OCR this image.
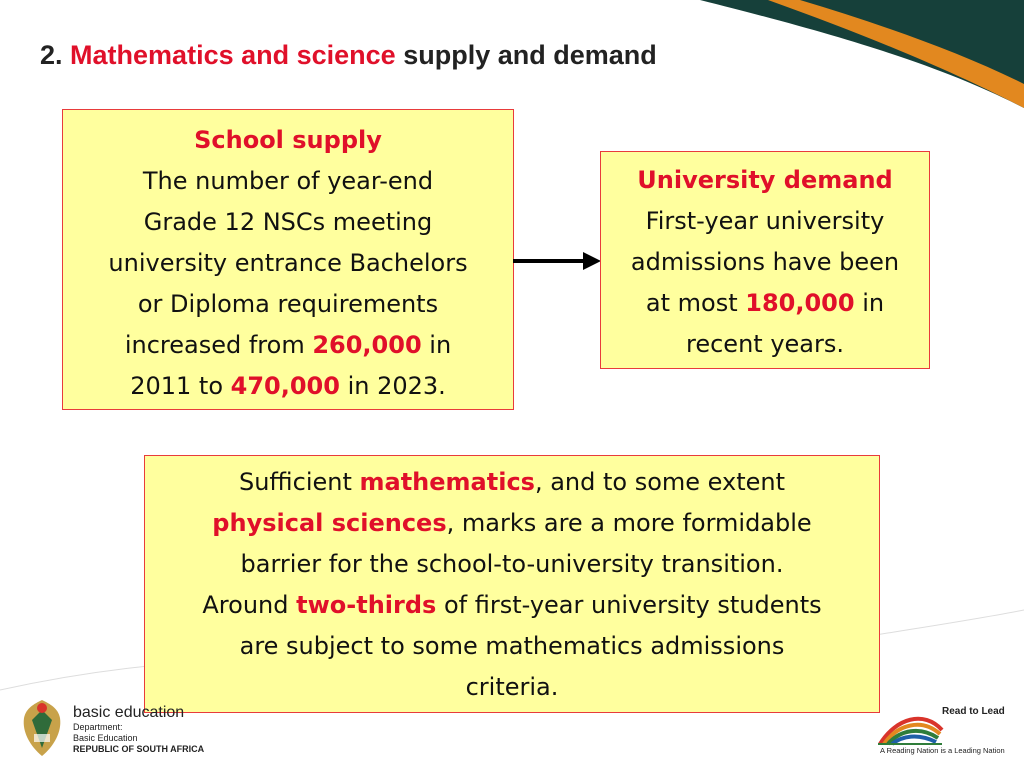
2. Mathematics and science supply and demand
School supply
The number of year-end
Grade 12 NSCs meeting
university entrance Bachelors
or Diploma requirements
increased from 260,000 in
2011 to 470,000 in 2023.
University demand
First-year university
admissions have been
at most 180,000 in
recent years.
Sufficient mathematics, and to some extent
physical sciences, marks are a more formidable
barrier for the school-to-university transition.
Around two-thirds of first-year university students
are subject to some mathematics admissions
criteria.
basic education
Department:
Basic Education
REPUBLIC OF SOUTH AFRICA
Read to Lead
A Reading Nation is a Leading Nation
